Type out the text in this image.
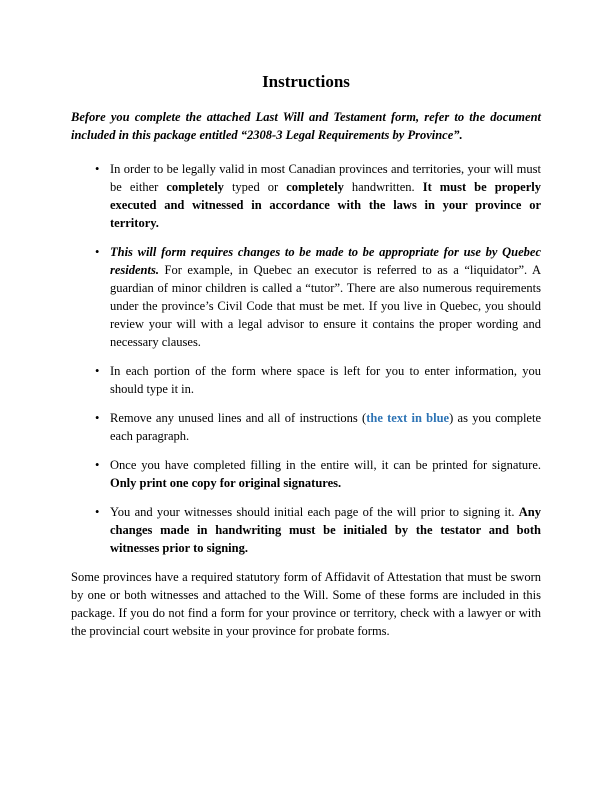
Instructions

Before you complete the attached Last Will and Testament form, refer to the document included in this package entitled “2308-3 Legal Requirements by Province”.

• In order to be legally valid in most Canadian provinces and territories, your will must be either completely typed or completely handwritten. It must be properly executed and witnessed in accordance with the laws in your province or territory.
• This will form requires changes to be made to be appropriate for use by Quebec residents. For example, in Quebec an executor is referred to as a “liquidator”. A guardian of minor children is called a “tutor”. There are also numerous requirements under the province’s Civil Code that must be met. If you live in Quebec, you should review your will with a legal advisor to ensure it contains the proper wording and necessary clauses.
• In each portion of the form where space is left for you to enter information, you should type it in.
• Remove any unused lines and all of instructions (the text in blue) as you complete each paragraph.
• Once you have completed filling in the entire will, it can be printed for signature. Only print one copy for original signatures.
• You and your witnesses should initial each page of the will prior to signing it. Any changes made in handwriting must be initialed by the testator and both witnesses prior to signing.

Some provinces have a required statutory form of Affidavit of Attestation that must be sworn by one or both witnesses and attached to the Will. Some of these forms are included in this package. If you do not find a form for your province or territory, check with a lawyer or with the provincial court website in your province for probate forms.
